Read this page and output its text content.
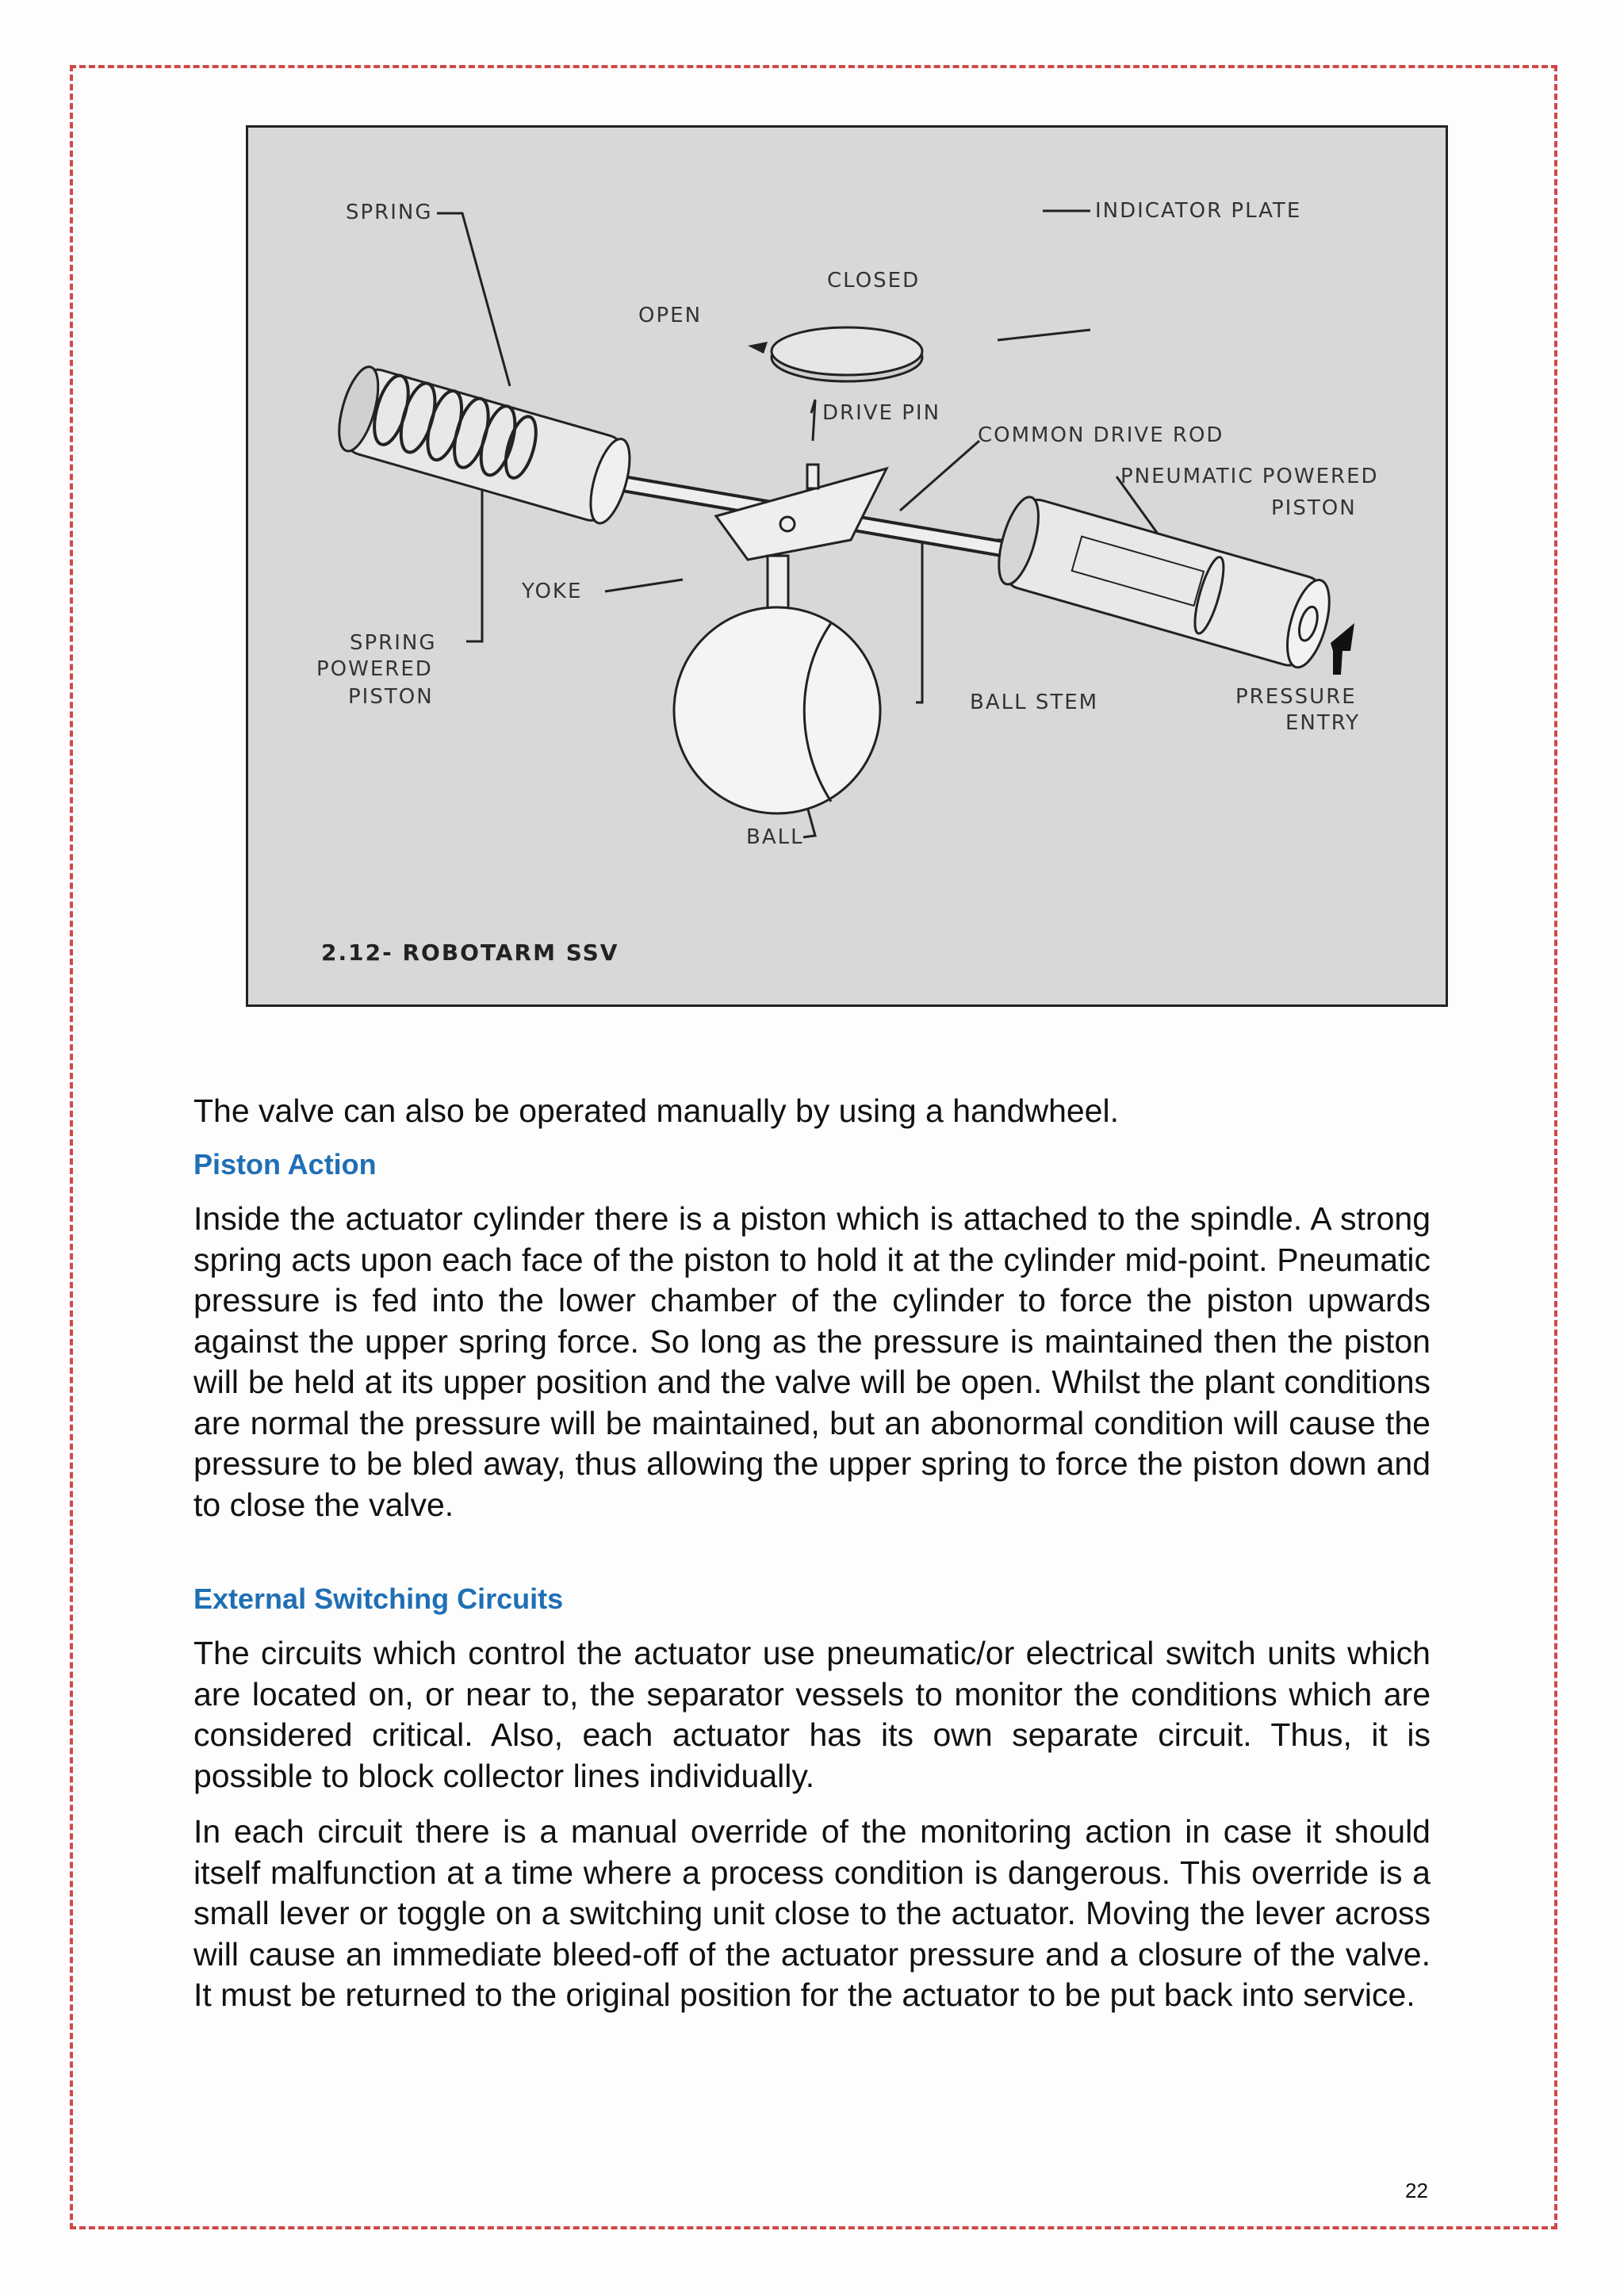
SPRING	INDICATOR PLATE
CLOSED
OPEN
DRIVE PIN
COMMON DRIVE ROD
PNEUMATIC POWERED
PISTON
YOKE
SPRING
POWERED
PISTON	BALL STEM	PRESSURE
ENTRY
BALL
2.12- ROBOTARM SSV

The valve can also be operated manually by using a handwheel.

Piston Action

Inside the actuator cylinder there is a piston which is attached to the spindle. A strong spring acts upon each face of the piston to hold it at the cylinder mid-point. Pneumatic pressure is fed into the lower chamber of the cylinder to force the piston upwards against the upper spring force. So long as the pressure is maintained then the piston will be held at its upper position and the valve will be open. Whilst the plant conditions are normal the pressure will be maintained, but an abonormal condition will cause the pressure to be bled away, thus allowing the upper spring to force the piston down and to close the valve.

External Switching Circuits

The circuits which control the actuator use pneumatic/or electrical switch units which are located on, or near to, the separator vessels to monitor the conditions which are considered critical. Also, each actuator has its own separate circuit. Thus, it is possible to block collector lines individually.

In each circuit there is a manual override of the monitoring action in case it should itself malfunction at a time where a process condition is dangerous. This override is a small lever or toggle on a switching unit close to the actuator. Moving the lever across will cause an immediate bleed-off of the actuator pressure and a closure of the valve. It must be returned to the original position for the actuator to be put back into service.

22
